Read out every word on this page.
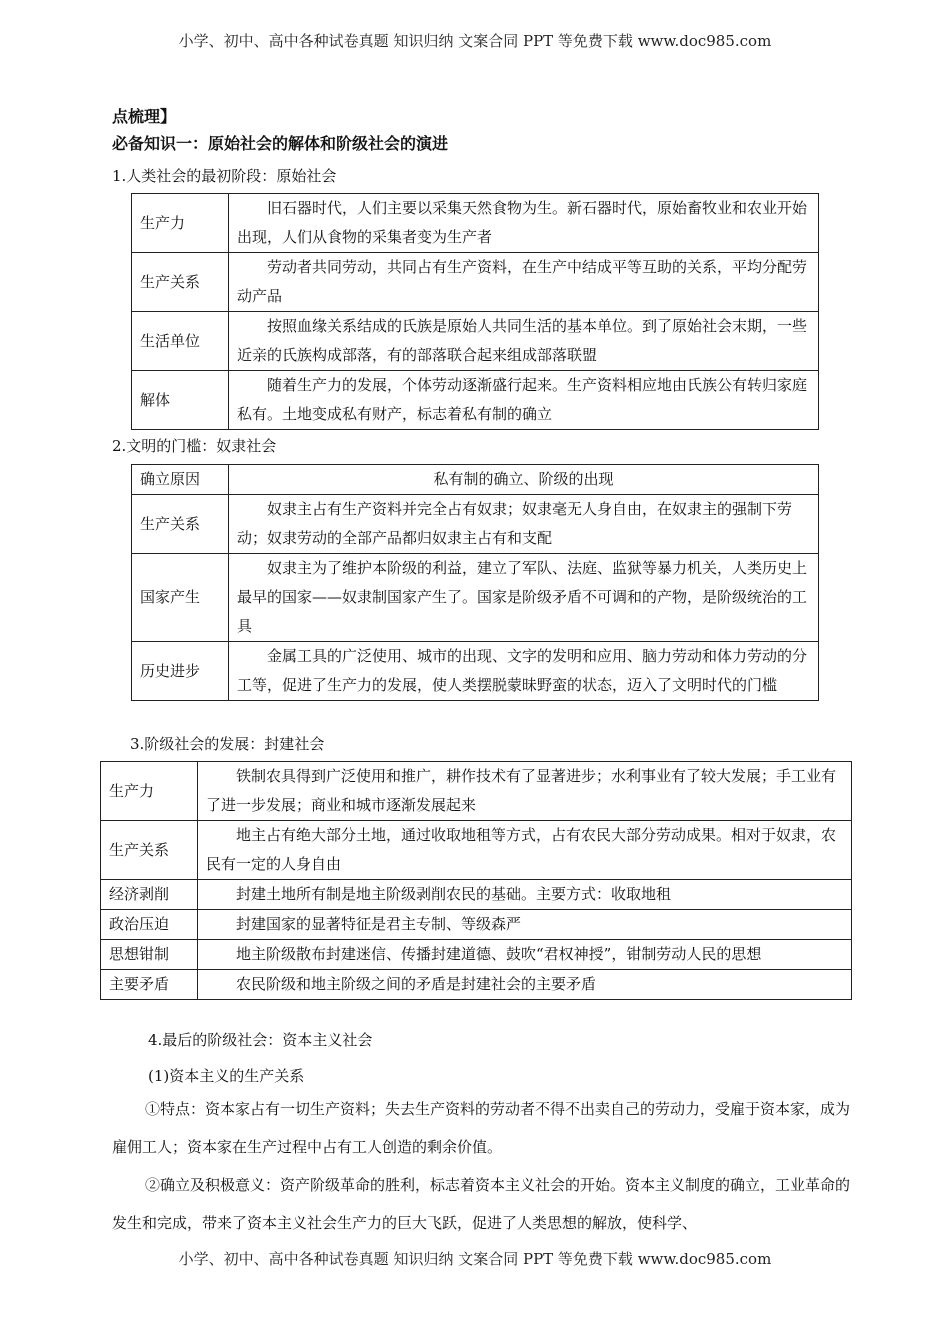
小学、初中、高中各种试卷真题 知识归纳 文案合同 PPT 等免费下载 www.doc985.com
点梳理】
必备知识一：原始社会的解体和阶级社会的演进
1.人类社会的最初阶段：原始社会
生产力	旧石器时代，人们主要以采集天然食物为生。新石器时代，原始畜牧业和农业开始出现，人们从食物的采集者变为生产者
生产关系	劳动者共同劳动，共同占有生产资料，在生产中结成平等互助的关系，平均分配劳动产品
生活单位	按照血缘关系结成的氏族是原始人共同生活的基本单位。到了原始社会末期，一些近亲的氏族构成部落，有的部落联合起来组成部落联盟
解体	随着生产力的发展，个体劳动逐渐盛行起来。生产资料相应地由氏族公有转归家庭私有。土地变成私有财产，标志着私有制的确立
2.文明的门槛：奴隶社会
确立原因	私有制的确立、阶级的出现
生产关系	奴隶主占有生产资料并完全占有奴隶；奴隶毫无人身自由，在奴隶主的强制下劳动；奴隶劳动的全部产品都归奴隶主占有和支配
国家产生	奴隶主为了维护本阶级的利益，建立了军队、法庭、监狱等暴力机关，人类历史上最早的国家——奴隶制国家产生了。国家是阶级矛盾不可调和的产物，是阶级统治的工具
历史进步	金属工具的广泛使用、城市的出现、文字的发明和应用、脑力劳动和体力劳动的分工等，促进了生产力的发展，使人类摆脱蒙昧野蛮的状态，迈入了文明时代的门槛
3.阶级社会的发展：封建社会
生产力	铁制农具得到广泛使用和推广，耕作技术有了显著进步；水利事业有了较大发展；手工业有了进一步发展；商业和城市逐渐发展起来
生产关系	地主占有绝大部分土地，通过收取地租等方式，占有农民大部分劳动成果。相对于奴隶，农民有一定的人身自由
经济剥削	封建土地所有制是地主阶级剥削农民的基础。主要方式：收取地租
政治压迫	封建国家的显著特征是君主专制、等级森严
思想钳制	地主阶级散布封建迷信、传播封建道德、鼓吹“君权神授”，钳制劳动人民的思想
主要矛盾	农民阶级和地主阶级之间的矛盾是封建社会的主要矛盾
4.最后的阶级社会：资本主义社会
(1)资本主义的生产关系
①特点：资本家占有一切生产资料；失去生产资料的劳动者不得不出卖自己的劳动力，受雇于资本家，成为雇佣工人；资本家在生产过程中占有工人创造的剩余价值。
②确立及积极意义：资产阶级革命的胜利，标志着资本主义社会的开始。资本主义制度的确立，工业革命的发生和完成，带来了资本主义社会生产力的巨大飞跃，促进了人类思想的解放，使科学、
小学、初中、高中各种试卷真题 知识归纳 文案合同 PPT 等免费下载 www.doc985.com
